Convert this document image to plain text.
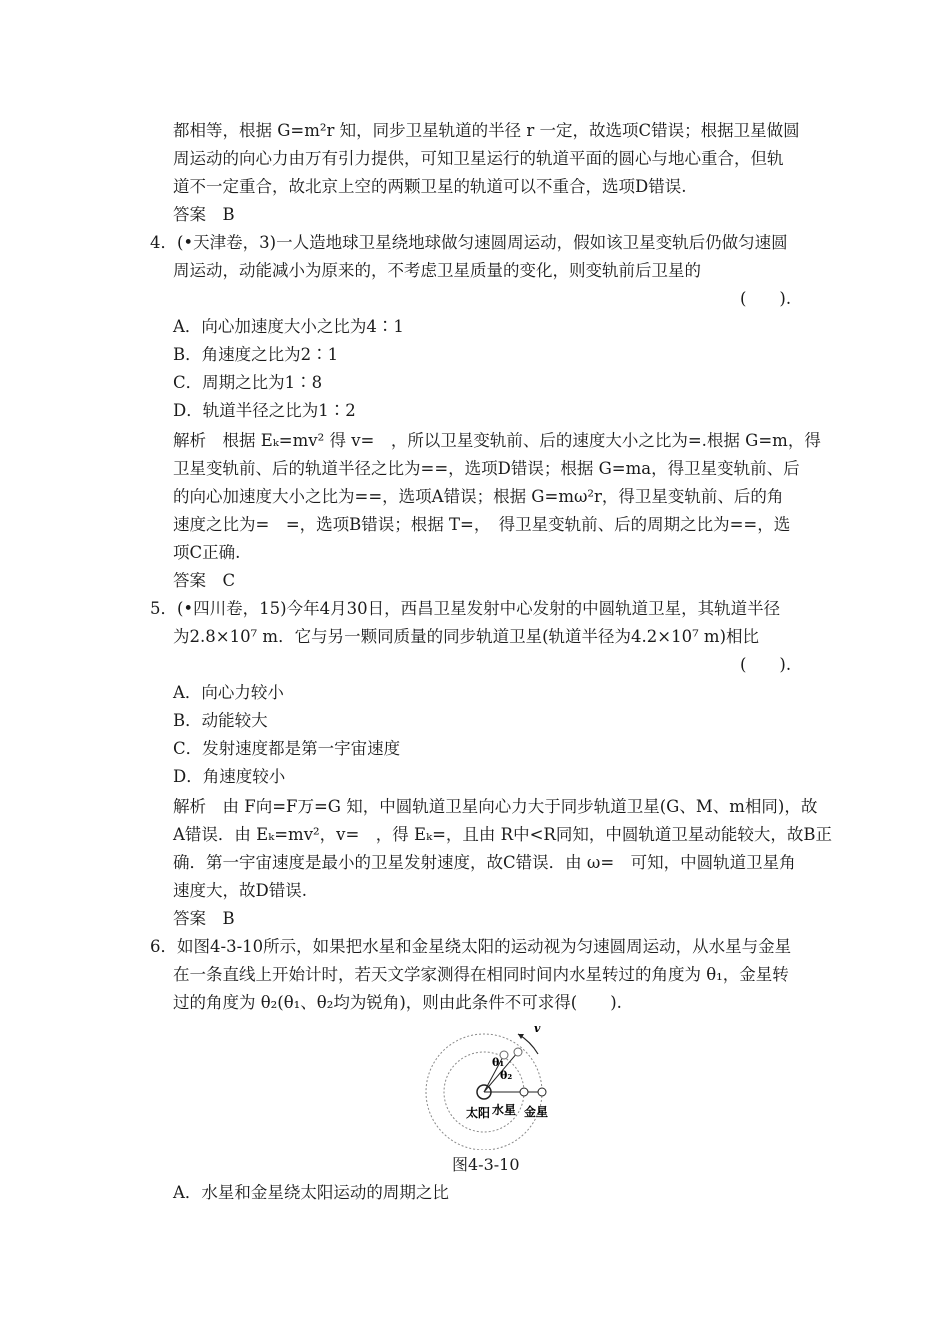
都相等，根据 G=m²r 知，同步卫星轨道的半径 r 一定，故选项C错误；根据卫星做圆
周运动的向心力由万有引力提供，可知卫星运行的轨道平面的圆心与地心重合，但轨
道不一定重合，故北京上空的两颗卫星的轨道可以不重合，选项D错误.
答案　B
4．(•天津卷，3)一人造地球卫星绕地球做匀速圆周运动，假如该卫星变轨后仍做匀速圆
周运动，动能减小为原来的，不考虑卫星质量的变化，则变轨前后卫星的
(　　).
A．向心加速度大小之比为4∶1
B．角速度之比为2∶1
C．周期之比为1∶8
D．轨道半径之比为1∶2
解析　根据 Eₖ=mv² 得 v=　，所以卫星变轨前、后的速度大小之比为=.根据 G=m，得
卫星变轨前、后的轨道半径之比为==，选项D错误；根据 G=ma，得卫星变轨前、后
的向心加速度大小之比为==，选项A错误；根据 G=mω²r，得卫星变轨前、后的角
速度之比为=　=，选项B错误；根据 T=，　得卫星变轨前、后的周期之比为==，选
项C正确.
答案　C
5．(•四川卷，15)今年4月30日，西昌卫星发射中心发射的中圆轨道卫星，其轨道半径
为2.8×10⁷ m．它与另一颗同质量的同步轨道卫星(轨道半径为4.2×10⁷ m)相比
(　　).
A．向心力较小
B．动能较大
C．发射速度都是第一宇宙速度
D．角速度较小
解析　由 F向=F万=G 知，中圆轨道卫星向心力大于同步轨道卫星(G、M、m相同)，故
A错误．由 Eₖ=mv²，v=　，得 Eₖ=，且由 R中<R同知，中圆轨道卫星动能较大，故B正
确．第一宇宙速度是最小的卫星发射速度，故C错误．由 ω=　可知，中圆轨道卫星角
速度大，故D错误.
答案　B
6．如图4-3-10所示，如果把水星和金星绕太阳的运动视为匀速圆周运动，从水星与金星
在一条直线上开始计时，若天文学家测得在相同时间内水星转过的角度为 θ₁，金星转
过的角度为 θ₂(θ₁、θ₂均为锐角)，则由此条件不可求得(　　).
θ₁
θ₂
v
太阳 水星 金星
图4-3-10
A．水星和金星绕太阳运动的周期之比
